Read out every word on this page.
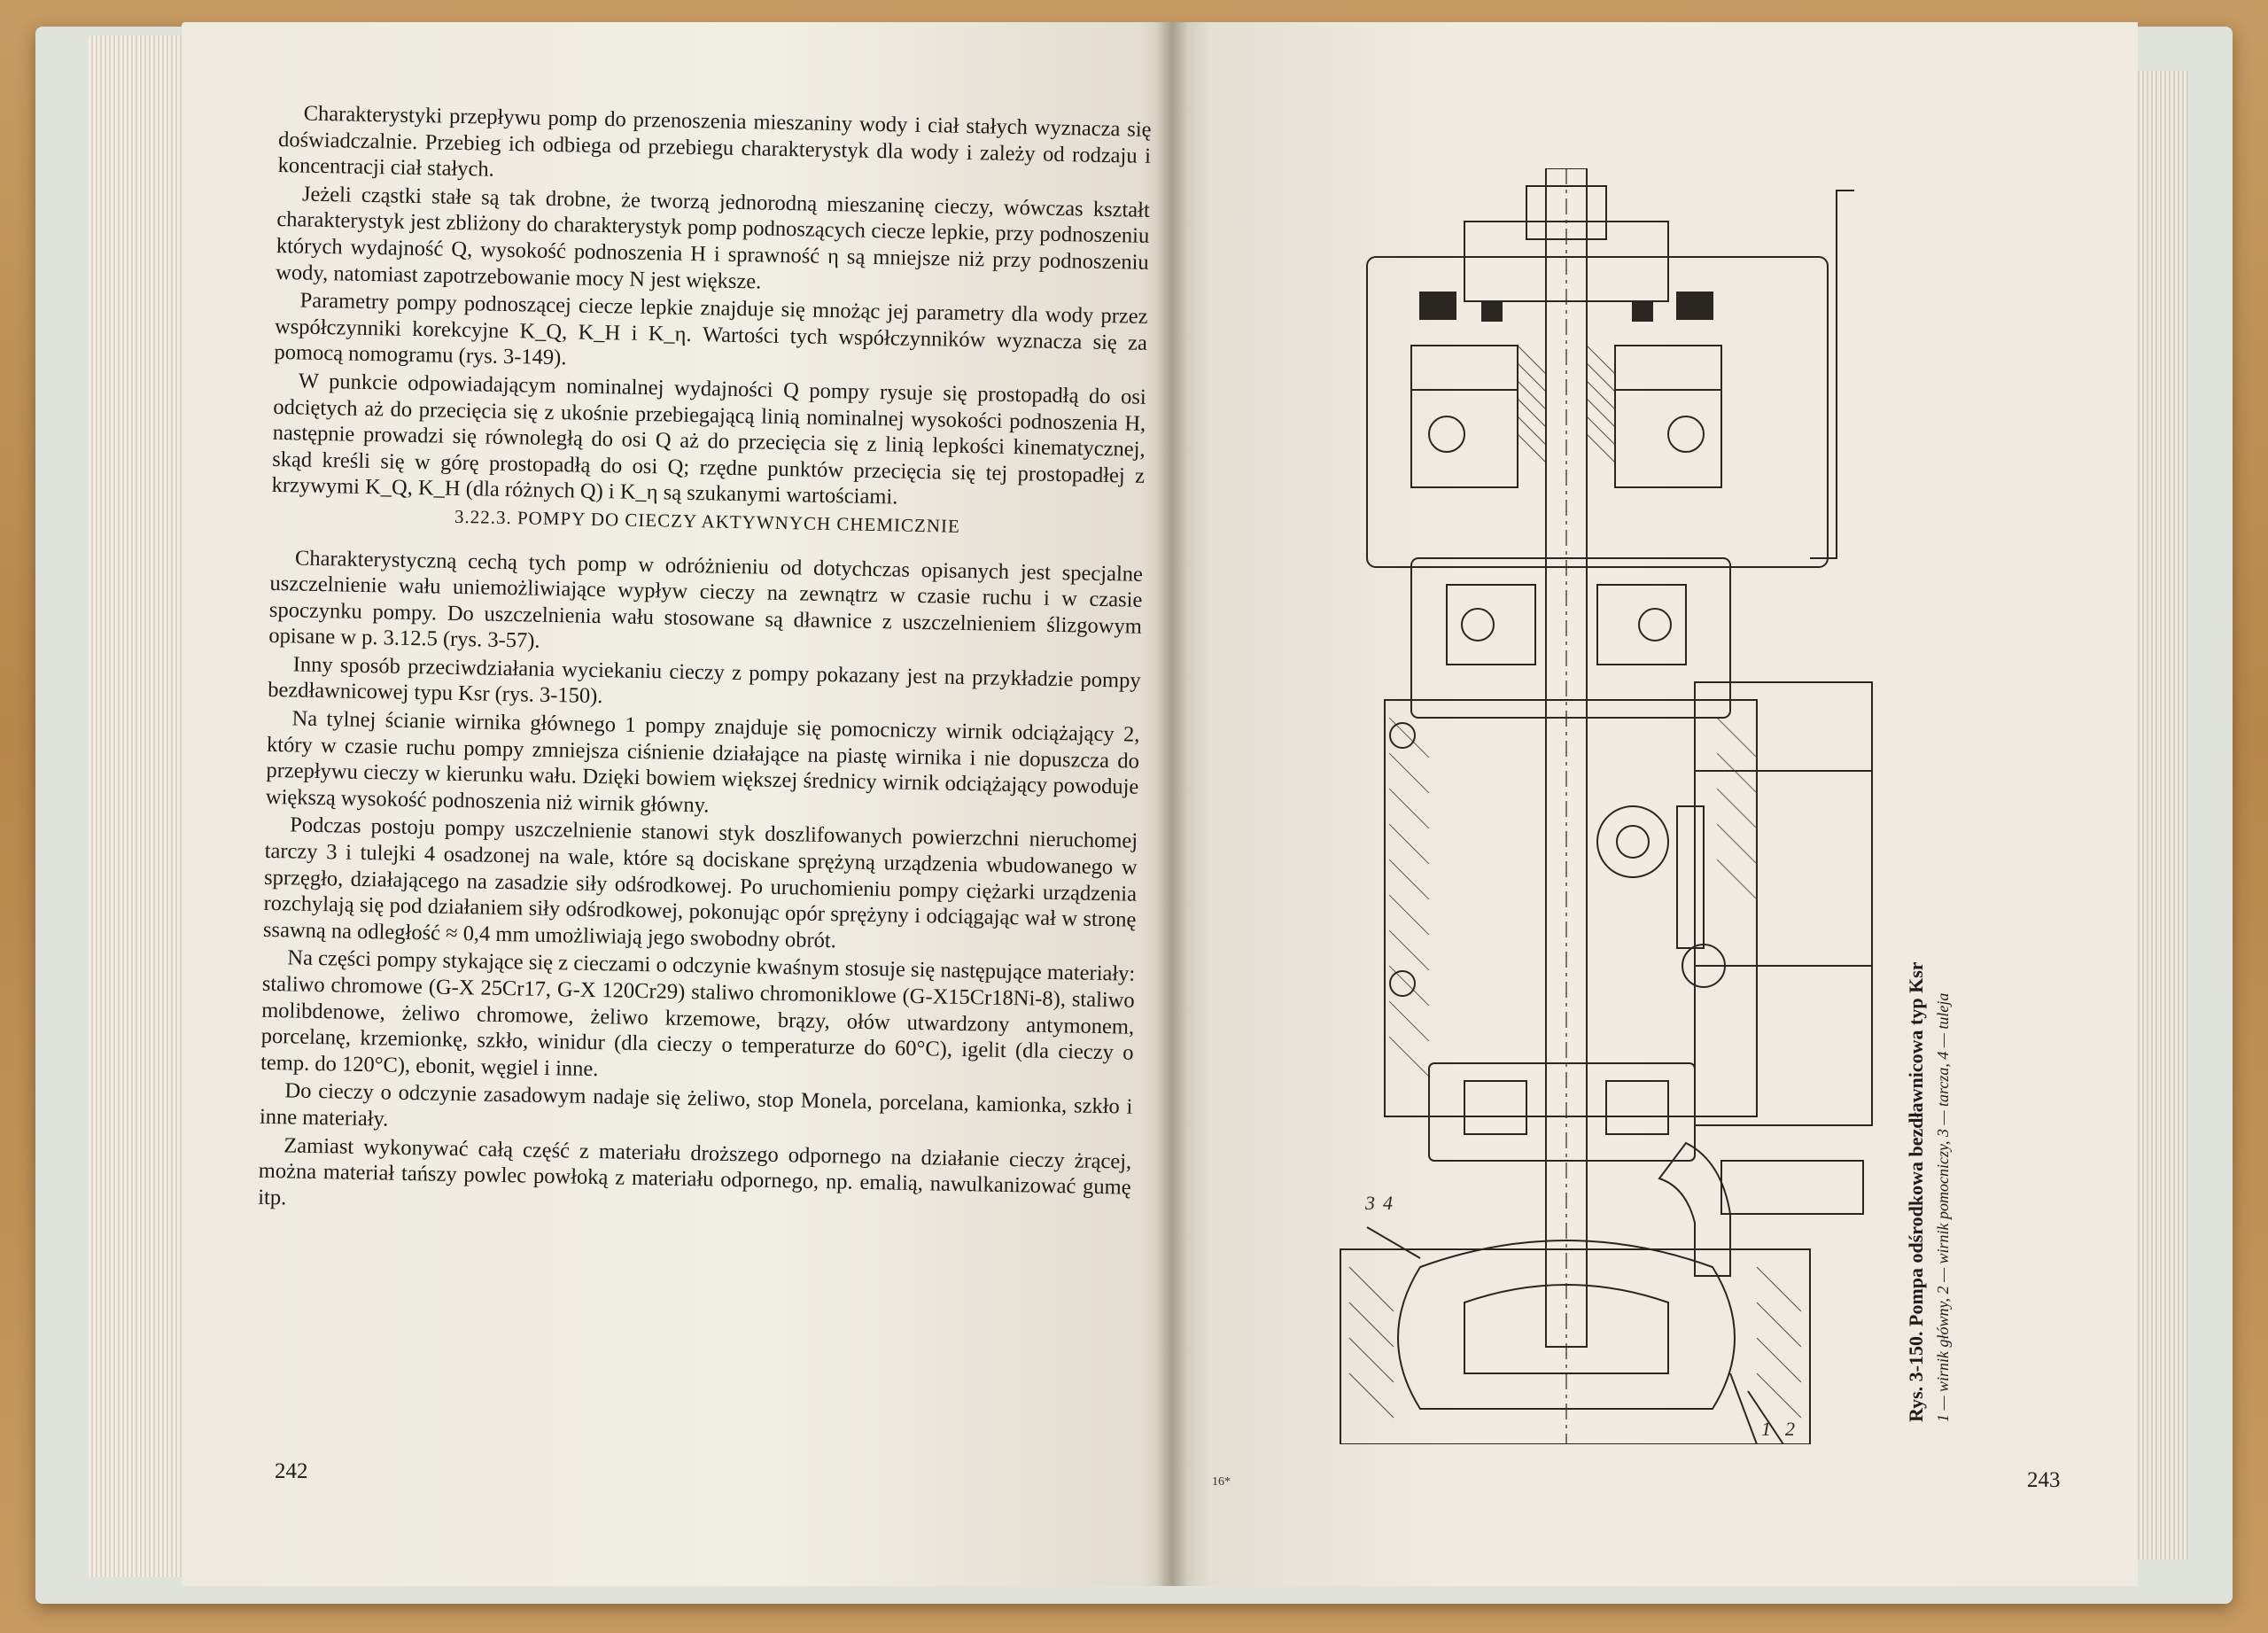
Charakterystyki przepływu pomp do przenoszenia mieszaniny wody i ciał stałych wyznacza się doświadczalnie. Przebieg ich odbiega od przebiegu charakterystyk dla wody i zależy od rodzaju i koncentracji ciał stałych.

Jeżeli cząstki stałe są tak drobne, że tworzą jednorodną mieszaninę cieczy, wówczas kształt charakterystyk jest zbliżony do charakterystyk pomp podnoszących ciecze lepkie, przy podnoszeniu których wydajność Q, wysokość podnoszenia H i sprawność η są mniejsze niż przy podnoszeniu wody, natomiast zapotrzebowanie mocy N jest większe.

Parametry pompy podnoszącej ciecze lepkie znajduje się mnożąc jej parametry dla wody przez współczynniki korekcyjne K_Q, K_H i K_η. Wartości tych współczynników wyznacza się za pomocą nomogramu (rys. 3-149).

W punkcie odpowiadającym nominalnej wydajności Q pompy rysuje się prostopadłą do osi odciętych aż do przecięcia się z ukośnie przebiegającą linią nominalnej wysokości podnoszenia H, następnie prowadzi się równoległą do osi Q aż do przecięcia się z linią lepkości kinematycznej, skąd kreśli się w górę prostopadłą do osi Q; rzędne punktów przecięcia się tej prostopadłej z krzywymi K_Q, K_H (dla różnych Q) i K_η są szukanymi wartościami.

3.22.3. POMPY DO CIECZY AKTYWNYCH CHEMICZNIE

Charakterystyczną cechą tych pomp w odróżnieniu od dotychczas opisanych jest specjalne uszczelnienie wału uniemożliwiające wypływ cieczy na zewnątrz w czasie ruchu i w czasie spoczynku pompy. Do uszczelnienia wału stosowane są dławnice z uszczelnieniem ślizgowym opisane w p. 3.12.5 (rys. 3-57).

Inny sposób przeciwdziałania wyciekaniu cieczy z pompy pokazany jest na przykładzie pompy bezdławnicowej typu Ksr (rys. 3-150).

Na tylnej ścianie wirnika głównego 1 pompy znajduje się pomocniczy wirnik odciążający 2, który w czasie ruchu pompy zmniejsza ciśnienie działające na piastę wirnika i nie dopuszcza do przepływu cieczy w kierunku wału. Dzięki bowiem większej średnicy wirnik odciążający powoduje większą wysokość podnoszenia niż wirnik główny.

Podczas postoju pompy uszczelnienie stanowi styk doszlifowanych powierzchni nieruchomej tarczy 3 i tulejki 4 osadzonej na wale, które są dociskane sprężyną urządzenia wbudowanego w sprzęgło, działającego na zasadzie siły odśrodkowej. Po uruchomieniu pompy ciężarki urządzenia rozchylają się pod działaniem siły odśrodkowej, pokonując opór sprężyny i odciągając wał w stronę ssawną na odległość ≈ 0,4 mm umożliwiają jego swobodny obrót.

Na części pompy stykające się z cieczami o odczynie kwaśnym stosuje się następujące materiały: staliwo chromowe (G-X 25Cr17, G-X 120Cr29) staliwo chromoniklowe (G-X15Cr18Ni-8), staliwo molibdenowe, żeliwo chromowe, żeliwo krzemowe, brązy, ołów utwardzony antymonem, porcelanę, krzemionkę, szkło, winidur (dla cieczy o temperaturze do 60°C), igelit (dla cieczy o temp. do 120°C), ebonit, węgiel i inne.

Do cieczy o odczynie zasadowym nadaje się żeliwo, stop Monela, porcelana, kamionka, szkło i inne materiały.

Zamiast wykonywać całą część z materiału droższego odpornego na działanie cieczy żrącej, można materiał tańszy powlec powłoką z materiału odpornego, np. emalią, nawulkanizować gumę itp.

242
3 4
1 2
Rys. 3-150. Pompa odśrodkowa bezdławnicowa typ Ksr 1 — wirnik główny, 2 — wirnik pomocniczy, 3 — tarcza, 4 — tuleja
16*	243
